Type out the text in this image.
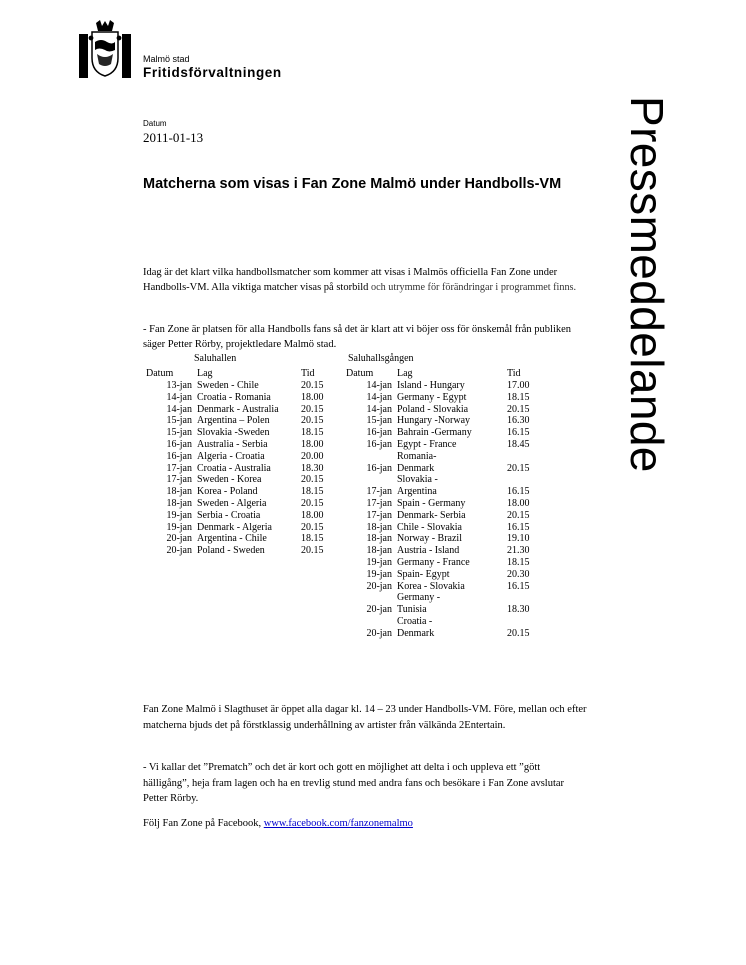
Malmö stad
Fritidsförvaltningen
Pressmeddelande
Datum
2011-01-13
Matcherna som visas i Fan Zone Malmö under Handbolls-VM
Idag är det klart vilka handbollsmatcher som kommer att visas i Malmös officiella Fan Zone under Handbolls-VM. Alla viktiga matcher visas på storbild och utrymme för förändringar i programmet finns.
- Fan Zone är platsen för alla Handbolls fans så det är klart att vi böjer oss för önskemål från publiken säger Petter Rörby, projektledare Malmö stad.
Saluhallen	Saluhallsgången
Datum	Lag	Tid
13-jan	Sweden - Chile	20.15
14-jan	Croatia - Romania	18.00
14-jan	Denmark - Australia	20.15
15-jan	Argentina – Polen	20.15
15-jan	Slovakia -Sweden	18.15
16-jan	Australia - Serbia	18.00
16-jan	Algeria - Croatia	20.00

17-jan	Croatia - Australia	18.30

17-jan	Sweden - Korea	20.15
18-jan	Korea - Poland	18.15
18-jan	Sweden - Algeria	20.15
19-jan	Serbia - Croatia	18.00
19-jan	Denmark - Algeria	20.15
20-jan	Argentina - Chile	18.15
20-jan	Poland - Sweden	20.15
Datum	Lag	Tid
14-jan	Island - Hungary	17.00
14-jan	Germany - Egypt	18.15
14-jan	Poland - Slovakia	20.15
15-jan	Hungary -Norway	16.30

16-jan	Bahrain -Germany	16.15
16-jan	Egypt - France	18.45
	Romania-	
16-jan	Denmark	20.15
	Slovakia -	
17-jan	Argentina	16.15
17-jan	Spain - Germany	18.00
17-jan	Denmark- Serbia	20.15
18-jan	Chile - Slovakia	16.15
18-jan	Norway - Brazil	19.10
18-jan	Austria - Island	21.30
19-jan	Germany - France	18.15
19-jan	Spain- Egypt	20.30
20-jan	Korea - Slovakia	16.15
	Germany -	
20-jan	Tunisia	18.30
	Croatia -	
20-jan	Denmark	20.15
Fan Zone Malmö i Slagthuset är öppet alla dagar kl. 14 – 23 under Handbolls-VM. Före, mellan och efter matcherna bjuds det på förstklassig underhållning av artister från välkända 2Entertain.
- Vi kallar det ”Prematch” och det är kort och gott en möjlighet att delta i och uppleva ett ”gött hälligång”, heja fram lagen och ha en trevlig stund med andra fans och besökare i Fan Zone avslutar Petter Rörby.
Följ Fan Zone på Facebook, www.facebook.com/fanzonemalmo
